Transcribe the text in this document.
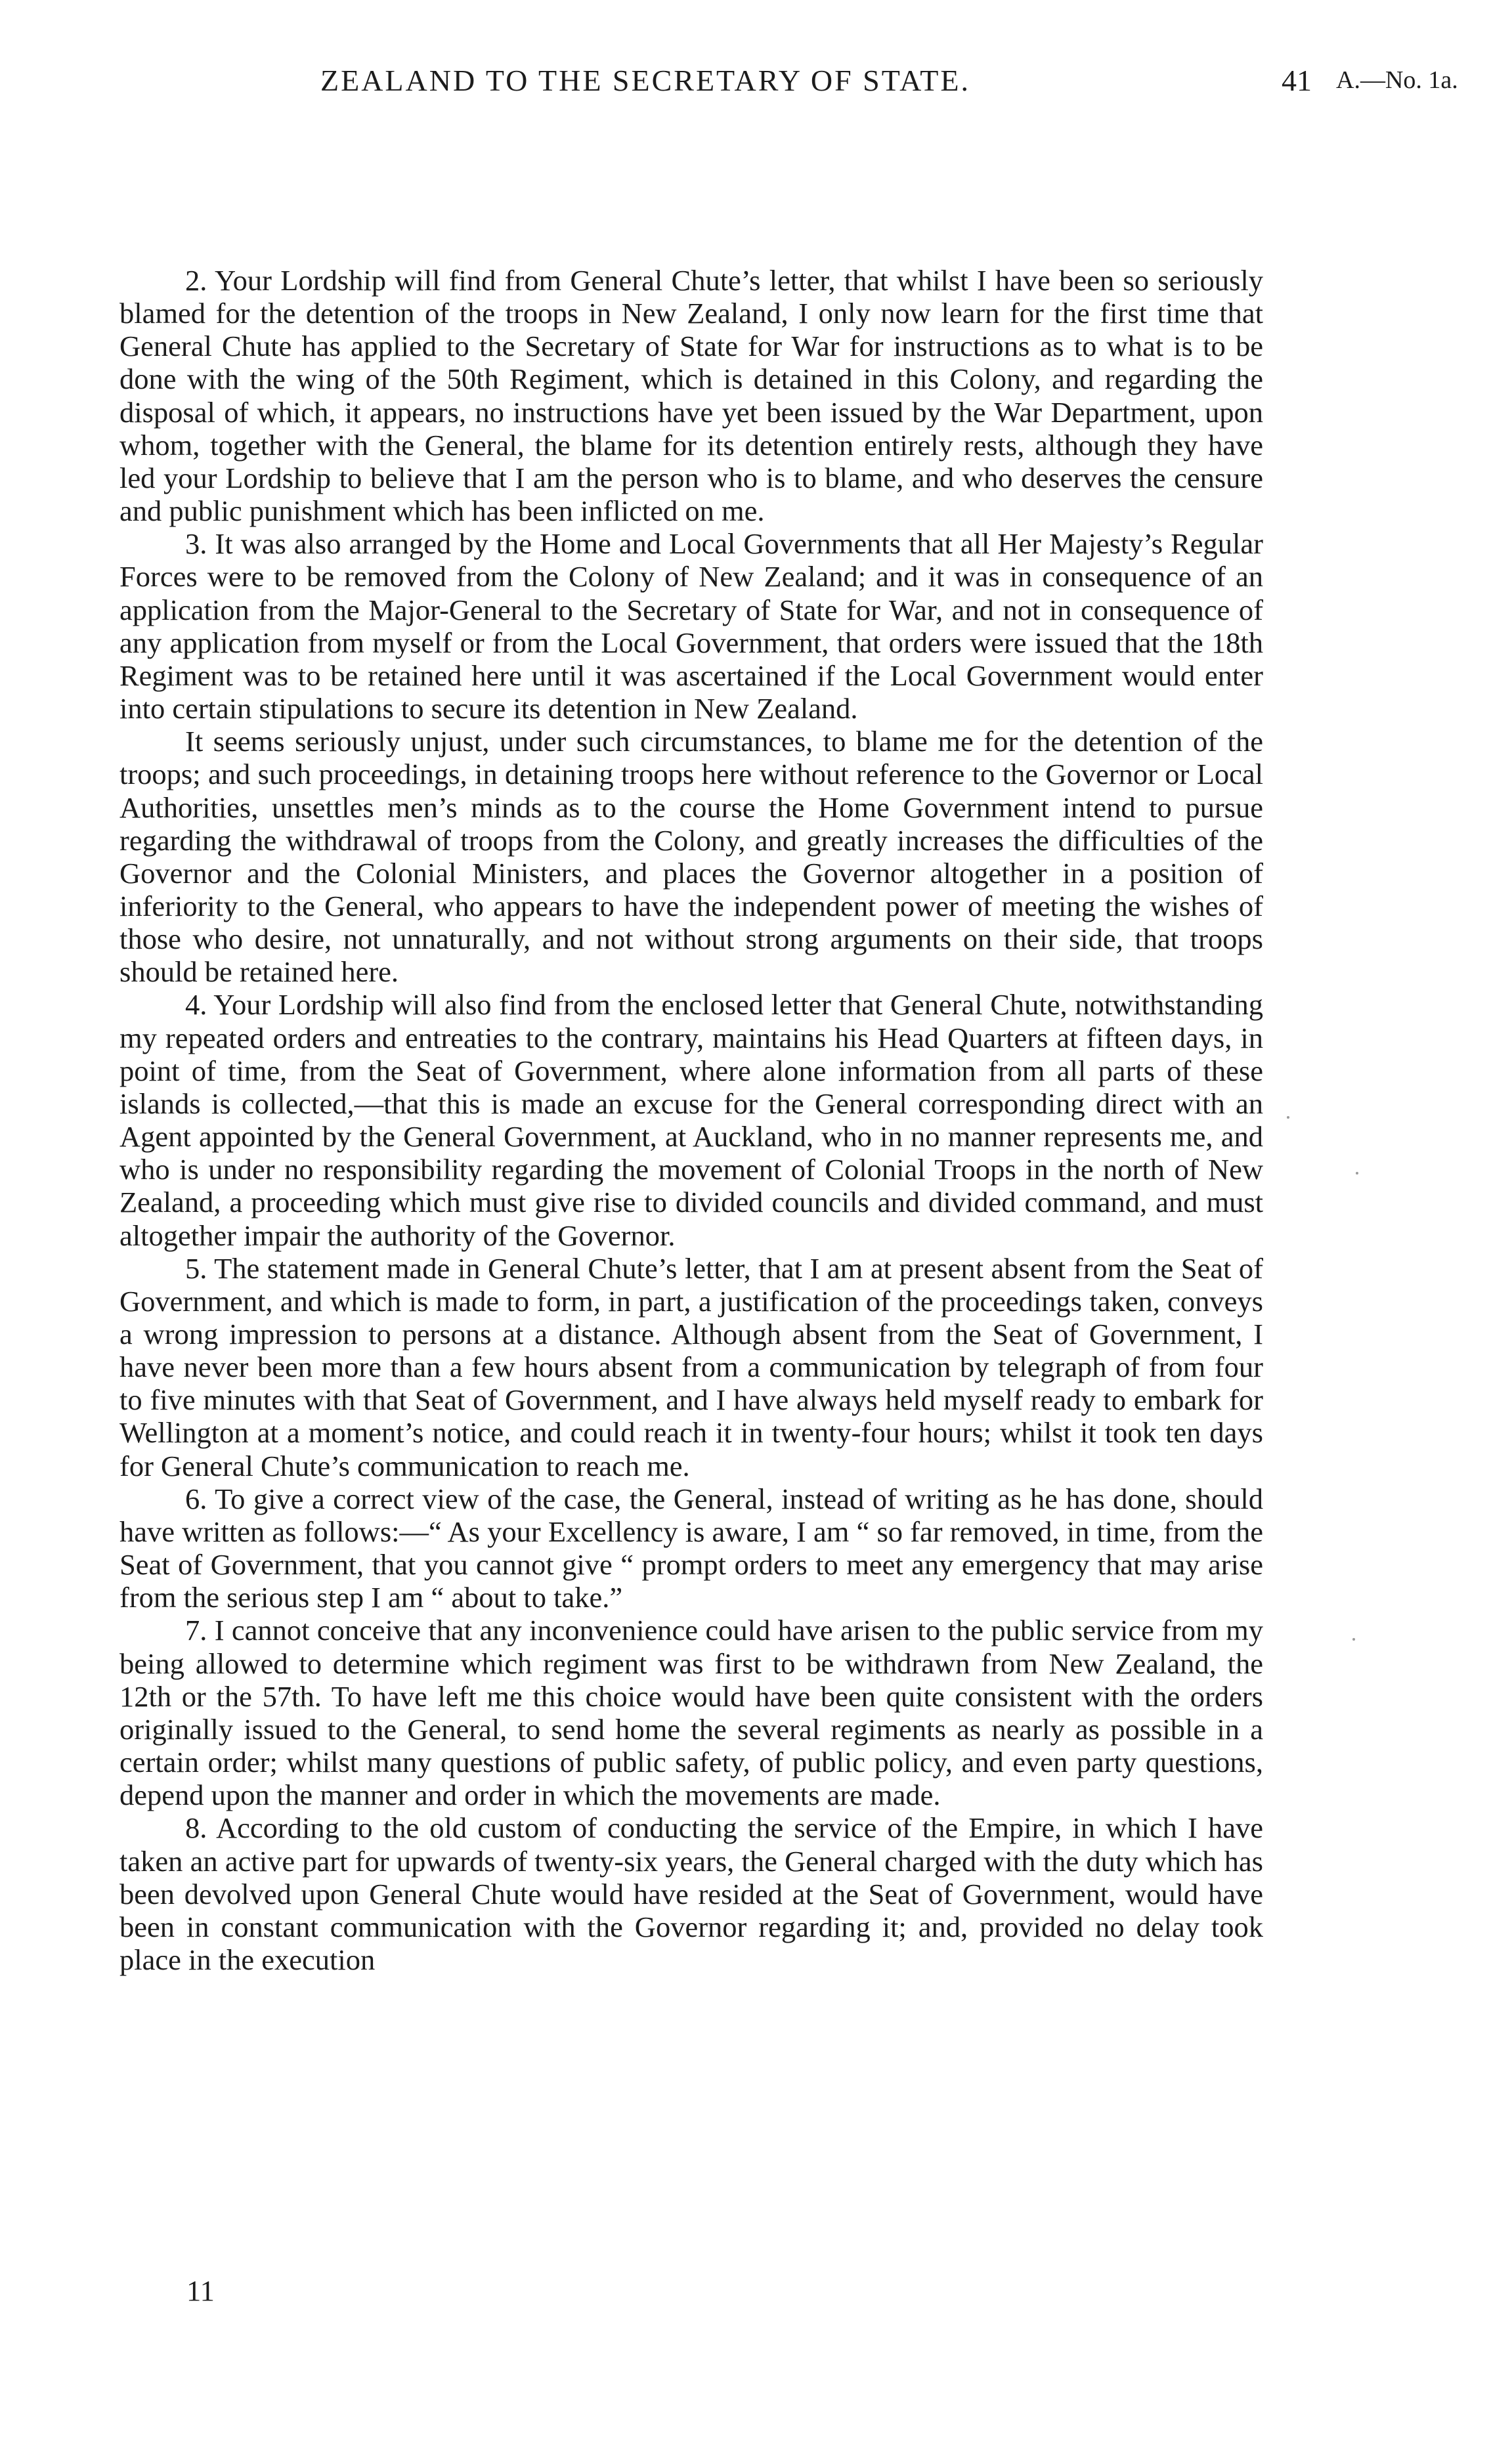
ZEALAND TO THE SECRETARY OF STATE.	41 A.—No. 1a.

2. Your Lordship will find from General Chute’s letter, that whilst I have been so seriously blamed for the detention of the troops in New Zealand, I only now learn for the first time that General Chute has applied to the Secretary of State for War for instructions as to what is to be done with the wing of the 50th Regiment, which is detained in this Colony, and regarding the disposal of which, it appears, no instructions have yet been issued by the War Department, upon whom, together with the General, the blame for its detention entirely rests, although they have led your Lordship to believe that I am the person who is to blame, and who deserves the censure and public punishment which has been inflicted on me.

3. It was also arranged by the Home and Local Governments that all Her Majesty’s Regular Forces were to be removed from the Colony of New Zealand; and it was in consequence of an application from the Major-General to the Secretary of State for War, and not in consequence of any application from myself or from the Local Government, that orders were issued that the 18th Regiment was to be retained here until it was ascertained if the Local Government would enter into certain stipulations to secure its detention in New Zealand.

It seems seriously unjust, under such circumstances, to blame me for the detention of the troops; and such proceedings, in detaining troops here without reference to the Governor or Local Authorities, unsettles men’s minds as to the course the Home Government intend to pursue regarding the withdrawal of troops from the Colony, and greatly increases the difficulties of the Governor and the Colonial Ministers, and places the Governor altogether in a position of inferiority to the General, who appears to have the independent power of meeting the wishes of those who desire, not unnaturally, and not without strong arguments on their side, that troops should be retained here.

4. Your Lordship will also find from the enclosed letter that General Chute, notwithstanding my repeated orders and entreaties to the contrary, maintains his Head Quarters at fifteen days, in point of time, from the Seat of Government, where alone information from all parts of these islands is collected,—that this is made an excuse for the General corresponding direct with an Agent appointed by the General Government, at Auckland, who in no manner represents me, and who is under no responsibility regarding the movement of Colonial Troops in the north of New Zealand, a proceeding which must give rise to divided councils and divided command, and must altogether impair the authority of the Governor.

5. The statement made in General Chute’s letter, that I am at present absent from the Seat of Government, and which is made to form, in part, a justification of the proceedings taken, conveys a wrong impression to persons at a distance. Although absent from the Seat of Government, I have never been more than a few hours absent from a communication by telegraph of from four to five minutes with that Seat of Government, and I have always held myself ready to embark for Wellington at a moment’s notice, and could reach it in twenty-four hours; whilst it took ten days for General Chute’s communication to reach me.

6. To give a correct view of the case, the General, instead of writing as he has done, should have written as follows:—“ As your Excellency is aware, I am “ so far removed, in time, from the Seat of Government, that you cannot give “ prompt orders to meet any emergency that may arise from the serious step I am “ about to take.”

7. I cannot conceive that any inconvenience could have arisen to the public service from my being allowed to determine which regiment was first to be withdrawn from New Zealand, the 12th or the 57th. To have left me this choice would have been quite consistent with the orders originally issued to the General, to send home the several regiments as nearly as possible in a certain order; whilst many questions of public safety, of public policy, and even party questions, depend upon the manner and order in which the movements are made.

8. According to the old custom of conducting the service of the Empire, in which I have taken an active part for upwards of twenty-six years, the General charged with the duty which has been devolved upon General Chute would have resided at the Seat of Government, would have been in constant communication with the Governor regarding it; and, provided no delay took place in the execution

11
